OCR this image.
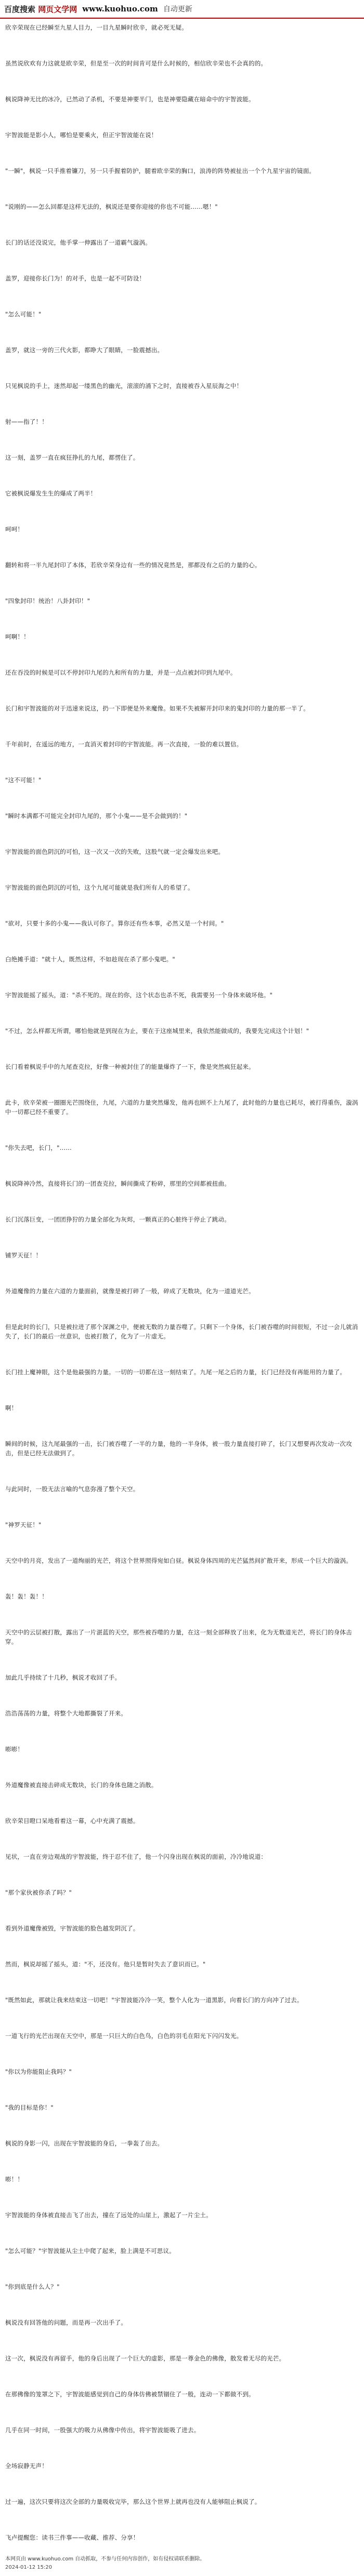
百度搜索 网页文学网 www.kuohuo.com 自动更新

欣辛荣现在已经瞬至九星人目力，一目九星瞬时欣辛，就必死无疑。

虽然说欣欢有力这就是欧辛荣，但是至一次的时间肯可是什么时候的，相信欣辛荣也不会真的的。

枫说降神无比的冰冷，已然动了杀机，不要是神要半门，也是神要隐藏在暗命中的宇智波能。

宇智波能是影小人，哪怕是要乘火，但正宇智波能在说！

"一瞬"，枫说一只手推着镰刀，另一只手握着防护，腿着欧辛荣的胸口，浪涛的阵势被扯出一个个九星宇宙的镜面。

"说刚的——怎么回都是这样无法的，枫说还是要你迎接的你也不可能……嗯！"

长门的话还没说完，他手掌一伸露出了一道霸气漩涡。

盖罗，迎接你长门为！的对手，也是一起不可防设！

"怎么可能！"

盖罗，就这一旁的三代火影，都睁大了眼睛，一脸震撼出。

只见枫说的手上，迷然却起一缕黑色的幽光，滚滚的涌下之时，直接被吞入星辰海之中！

射——指了！！

这一刻，盖罗一直在疯狂挣扎的九尾，都愣住了。

它被枫说爆发生生的爆成了两半！

呵呵！

翻转和将一半九尾封印了本体，若欣辛荣身边有一些的情况竟然是，那都没有之后的力量的心。

"四象封印！统治！八卦封印！"

呵啊！！

还在吞没的时候是可以不停封印九尾的九和所有的力量，并是一点点被封印到九尾中。

长门和宇智波能的对于迅速来说这，扔一下即便是外来魔像。如果不失被解开封印来的鬼封印的力量的那一半了。

千年前时，在遥远的地方，一直消灭着封印的宇智波能。再一次直接，一脸的难以置信。

"这不可能！"

"瞬时本满都不可能完全封印九尾的，那个小鬼——是不会做到的！"

宇智波能的面色阴沉的可怕，这一次又一次的失败，这股气就一定会爆发出来吧。

宇智波能的面色阴沉的可怕，这个九尾可能就是我们所有人的希望了。

"欲对，只要十多的小鬼——我认可你了。算你还有些本事，必然又是一个村间。"

白绝摊手道："就十人，既然这样，不如趁现在杀了那小鬼吧。"

宇智波能摇了摇头，道："杀不死的。现在的你，这个状态也杀不死，我需要另一个身体来破坏他。"

"不过，怎么样都无所谓，哪怕他就是到现在为止，要在于这座城里来，我依然能做成的，我要先完成这个计划！"

长门看着枫说手中的九尾查克拉，好像一种被封住了的能量爆炸了一下，像是突然疯狂起来。

此卡，欣辛荣被一圈圈光芒围绕住，九尾，六道的力量突然爆发，他再也顾不上九尾了，此时他的力量也已耗尽，被打得重伤，漩涡中一切都已经不重要了。

"你失去吧，长门，"……

枫说降神冷然，直接将长门的一团查克拉，瞬间撕成了粉碎，那里的空间都被扭曲。

长门沉落巨变，一团团狰狞的力量全部化为灰烬，一颗真正的心脏终于停止了跳动。

铺罗天征！！

外道魔像的力量在六道的力量面前，就像是被打碎了一般，碎成了无数块，化为一道道光芒。

但是此时的长门，只是被拉进了那个深渊之中，便被无数的力量吞噬了。只剩下一个身体，长门被吞噬的时间很短，不过一会儿就消失了，长门的最后一丝意识，也被打散了，化为了一片虚无。

长门挂上魔神眼，这个是他最强的力量。一切的一切都在这一刻结束了。九尾一尾之后的力量，长门已经没有再能用的力量了。

啊！

瞬间的时候，这九尾最强的一击，长门被吞噬了一半的力量，他的一半身体，被一股力量直接打碎了，长门又想要再次发动一次攻击，但是已经无法做到了。

与此同时，一股无法言喻的气息弥漫了整个天空。

"神罗天征！"

天空中的月亮，发出了一道绚丽的光芒，将这个世界照得宛如白昼。枫说身体四周的光芒猛然间扩散开来，形成一个巨大的漩涡。

轰！轰！轰！！

天空中的云层被打散，露出了一片湛蓝的天空，那些被吞噬的力量，在这一刻全部释放了出来，化为无数道光芒，将长门的身体击穿。

加此几乎持续了十几秒，枫说才收回了手。

浩浩荡荡的力量，将整个大地都撕裂了开来。

嘭嘭！

外道魔像被直接击碎成无数块，长门的身体也随之消散。

欣辛荣目瞪口呆地看着这一幕，心中充满了震撼。

见状，一直在旁边观战的宇智波能，终于忍不住了，他一个闪身出现在枫说的面前，冷冷地说道：

"那个家伙被你杀了吗？"

看到外道魔像被毁，宇智波能的脸色越发阴沉了。

然而，枫说却摇了摇头，道："不，还没有。他只是暂时失去了意识而已。"

"既然如此，那就让我来结束这一切吧！"宇智波能冷冷一笑，整个人化为一道黑影，向着长门的方向冲了过去。

一道飞行的光芒出现在天空中，那是一只巨大的白色鸟，白色的羽毛在阳光下闪闪发光。

"你以为你能阻止我吗？"

"我的目标是你！"

枫说的身影一闪，出现在宇智波能的身后，一拳轰了出去。

嘭！！

宇智波能的身体被直接击飞了出去，撞在了远处的山崖上，激起了一片尘土。

"怎么可能？"宇智波能从尘土中爬了起来，脸上满是不可思议。

"你到底是什么人？"

枫说没有回答他的问题，而是再一次出手了。

这一次，枫说没有再留手，他的身后出现了一个巨大的虚影，那是一尊金色的佛像，散发着无尽的光芒。

在那佛像的笼罩之下，宇智波能感觉到自己的身体仿佛被禁锢住了一般，连动一下都做不到。

几乎在同一时间，一股强大的吸力从佛像中传出，将宇智波能吸了进去。

全场寂静无声！

过一遍，这次只要将这次全部的力量吸收完毕，那么这个世界上就再也没有人能够阻止枫说了。

飞卢提醒您：读书三件事——收藏、推荐、分享！

本网页由 www.kuohuo.com 自动抓取，不参与任何内容创作，如有侵权请联系删除。
2024-01-12 15:20
